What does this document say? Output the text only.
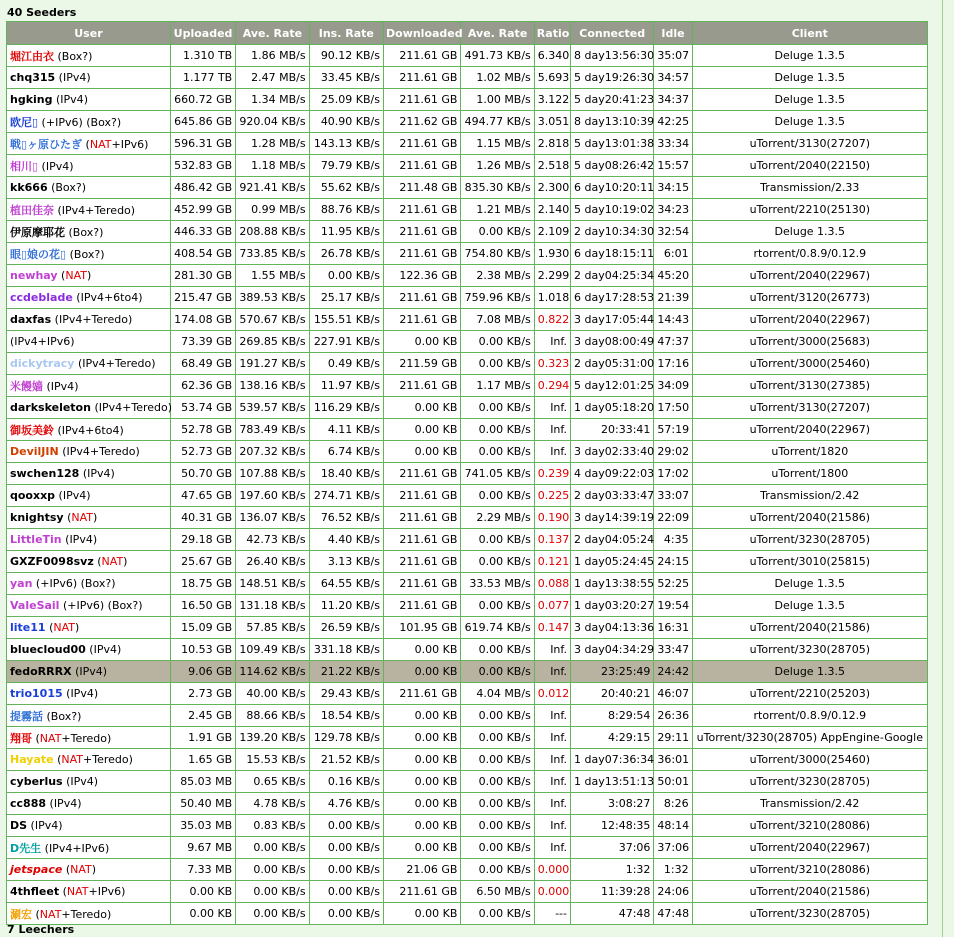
40 Seeders
User	Uploaded	Ave. Rate	Ins. Rate	Downloaded	Ave. Rate	Ratio	Connected	Idle	Client
堀江由衣 (Box?)	1.310 TB	1.86 MB/s	90.12 KB/s	211.61 GB	491.73 KB/s	6.340	8 day13:56:30	35:07	Deluge 1.3.5
chq315 (IPv4)	1.177 TB	2.47 MB/s	33.45 KB/s	211.61 GB	1.02 MB/s	5.693	5 day19:26:30	34:57	Deluge 1.3.5
hgking (IPv4)	660.72 GB	1.34 MB/s	25.09 KB/s	211.61 GB	1.00 MB/s	3.122	5 day20:41:23	34:37	Deluge 1.3.5
欧尼▯ (+IPv6) (Box?)	645.86 GB	920.04 KB/s	40.90 KB/s	211.62 GB	494.77 KB/s	3.051	8 day13:10:39	42:25	Deluge 1.3.5
戦▯ヶ原ひたぎ (NAT+IPv6)	596.31 GB	1.28 MB/s	143.13 KB/s	211.61 GB	1.15 MB/s	2.818	5 day13:01:38	33:34	uTorrent/3130(27207)
相川▯ (IPv4)	532.83 GB	1.18 MB/s	79.79 KB/s	211.61 GB	1.26 MB/s	2.518	5 day08:26:42	15:57	uTorrent/2040(22150)
kk666 (Box?)	486.42 GB	921.41 KB/s	55.62 KB/s	211.48 GB	835.30 KB/s	2.300	6 day10:20:11	34:15	Transmission/2.33
植田佳奈 (IPv4+Teredo)	452.99 GB	0.99 MB/s	88.76 KB/s	211.61 GB	1.21 MB/s	2.140	5 day10:19:02	34:23	uTorrent/2210(25130)
伊原摩耶花 (Box?)	446.33 GB	208.88 KB/s	11.95 KB/s	211.61 GB	0.00 KB/s	2.109	2 day10:34:30	32:54	Deluge 1.3.5
眼▯娘の花▯ (Box?)	408.54 GB	733.85 KB/s	26.78 KB/s	211.61 GB	754.80 KB/s	1.930	6 day18:15:11	6:01	rtorrent/0.8.9/0.12.9
newhay (NAT)	281.30 GB	1.55 MB/s	0.00 KB/s	122.36 GB	2.38 MB/s	2.299	2 day04:25:34	45:20	uTorrent/2040(22967)
ccdeblade (IPv4+6to4)	215.47 GB	389.53 KB/s	25.17 KB/s	211.61 GB	759.96 KB/s	1.018	6 day17:28:53	21:39	uTorrent/3120(26773)
daxfas (IPv4+Teredo)	174.08 GB	570.67 KB/s	155.51 KB/s	211.61 GB	7.08 MB/s	0.822	3 day17:05:44	14:43	uTorrent/2040(22967)
(IPv4+IPv6)	73.39 GB	269.85 KB/s	227.91 KB/s	0.00 KB	0.00 KB/s	Inf.	3 day08:00:49	47:37	uTorrent/3000(25683)
dickytracy (IPv4+Teredo)	68.49 GB	191.27 KB/s	0.49 KB/s	211.59 GB	0.00 KB/s	0.323	2 day05:31:00	17:16	uTorrent/3000(25460)
米饅嫱 (IPv4)	62.36 GB	138.16 KB/s	11.97 KB/s	211.61 GB	1.17 MB/s	0.294	5 day12:01:25	34:09	uTorrent/3130(27385)
darkskeleton (IPv4+Teredo)	53.74 GB	539.57 KB/s	116.29 KB/s	0.00 KB	0.00 KB/s	Inf.	1 day05:18:20	17:50	uTorrent/3130(27207)
御坂美鈴 (IPv4+6to4)	52.78 GB	783.49 KB/s	4.11 KB/s	0.00 KB	0.00 KB/s	Inf.	20:33:41	57:19	uTorrent/2040(22967)
DevilJIN (IPv4+Teredo)	52.73 GB	207.32 KB/s	6.74 KB/s	0.00 KB	0.00 KB/s	Inf.	3 day02:33:40	29:02	uTorrent/1820
swchen128 (IPv4)	50.70 GB	107.88 KB/s	18.40 KB/s	211.61 GB	741.05 KB/s	0.239	4 day09:22:03	17:02	uTorrent/1800
qooxxp (IPv4)	47.65 GB	197.60 KB/s	274.71 KB/s	211.61 GB	0.00 KB/s	0.225	2 day03:33:47	33:07	Transmission/2.42
knightsy (NAT)	40.31 GB	136.07 KB/s	76.52 KB/s	211.61 GB	2.29 MB/s	0.190	3 day14:39:19	22:09	uTorrent/2040(21586)
LittleTin (IPv4)	29.18 GB	42.73 KB/s	4.40 KB/s	211.61 GB	0.00 KB/s	0.137	2 day04:05:24	4:35	uTorrent/3230(28705)
GXZF0098svz (NAT)	25.67 GB	26.40 KB/s	3.13 KB/s	211.61 GB	0.00 KB/s	0.121	1 day05:24:45	24:15	uTorrent/3010(25815)
yan (+IPv6) (Box?)	18.75 GB	148.51 KB/s	64.55 KB/s	211.61 GB	33.53 MB/s	0.088	1 day13:38:55	52:25	Deluge 1.3.5
ValeSail (+IPv6) (Box?)	16.50 GB	131.18 KB/s	11.20 KB/s	211.61 GB	0.00 KB/s	0.077	1 day03:20:27	19:54	Deluge 1.3.5
lite11 (NAT)	15.09 GB	57.85 KB/s	26.59 KB/s	101.95 GB	619.74 KB/s	0.147	3 day04:13:36	16:31	uTorrent/2040(21586)
bluecloud00 (IPv4)	10.53 GB	109.49 KB/s	331.18 KB/s	0.00 KB	0.00 KB/s	Inf.	3 day04:34:29	33:47	uTorrent/3230(28705)
fedoRRRX (IPv4)	9.06 GB	114.62 KB/s	21.22 KB/s	0.00 KB	0.00 KB/s	Inf.	23:25:49	24:42	Deluge 1.3.5
trio1015 (IPv4)	2.73 GB	40.00 KB/s	29.43 KB/s	211.61 GB	4.04 MB/s	0.012	20:40:21	46:07	uTorrent/2210(25203)
提霧話 (Box?)	2.45 GB	88.66 KB/s	18.54 KB/s	0.00 KB	0.00 KB/s	Inf.	8:29:54	26:36	rtorrent/0.8.9/0.12.9
翔哥 (NAT+Teredo)	1.91 GB	139.20 KB/s	129.78 KB/s	0.00 KB	0.00 KB/s	Inf.	4:29:15	29:11	uTorrent/3230(28705) AppEngine-Google
Hayate (NAT+Teredo)	1.65 GB	15.53 KB/s	21.52 KB/s	0.00 KB	0.00 KB/s	Inf.	1 day07:36:34	36:01	uTorrent/3000(25460)
cyberlus (IPv4)	85.03 MB	0.65 KB/s	0.16 KB/s	0.00 KB	0.00 KB/s	Inf.	1 day13:51:13	50:01	uTorrent/3230(28705)
cc888 (IPv4)	50.40 MB	4.78 KB/s	4.76 KB/s	0.00 KB	0.00 KB/s	Inf.	3:08:27	8:26	Transmission/2.42
DS (IPv4)	35.03 MB	0.83 KB/s	0.00 KB/s	0.00 KB	0.00 KB/s	Inf.	12:48:35	48:14	uTorrent/3210(28086)
D先生 (IPv4+IPv6)	9.67 MB	0.00 KB/s	0.00 KB/s	0.00 KB	0.00 KB/s	Inf.	37:06	37:06	uTorrent/2040(22967)
jetspace (NAT)	7.33 MB	0.00 KB/s	0.00 KB/s	21.06 GB	0.00 KB/s	0.000	1:32	1:32	uTorrent/3210(28086)
4thfleet (NAT+IPv6)	0.00 KB	0.00 KB/s	0.00 KB/s	211.61 GB	6.50 MB/s	0.000	11:39:28	24:06	uTorrent/2040(21586)
涮宏 (NAT+Teredo)	0.00 KB	0.00 KB/s	0.00 KB/s	0.00 KB	0.00 KB/s	---	47:48	47:48	uTorrent/3230(28705)
7 Leechers
